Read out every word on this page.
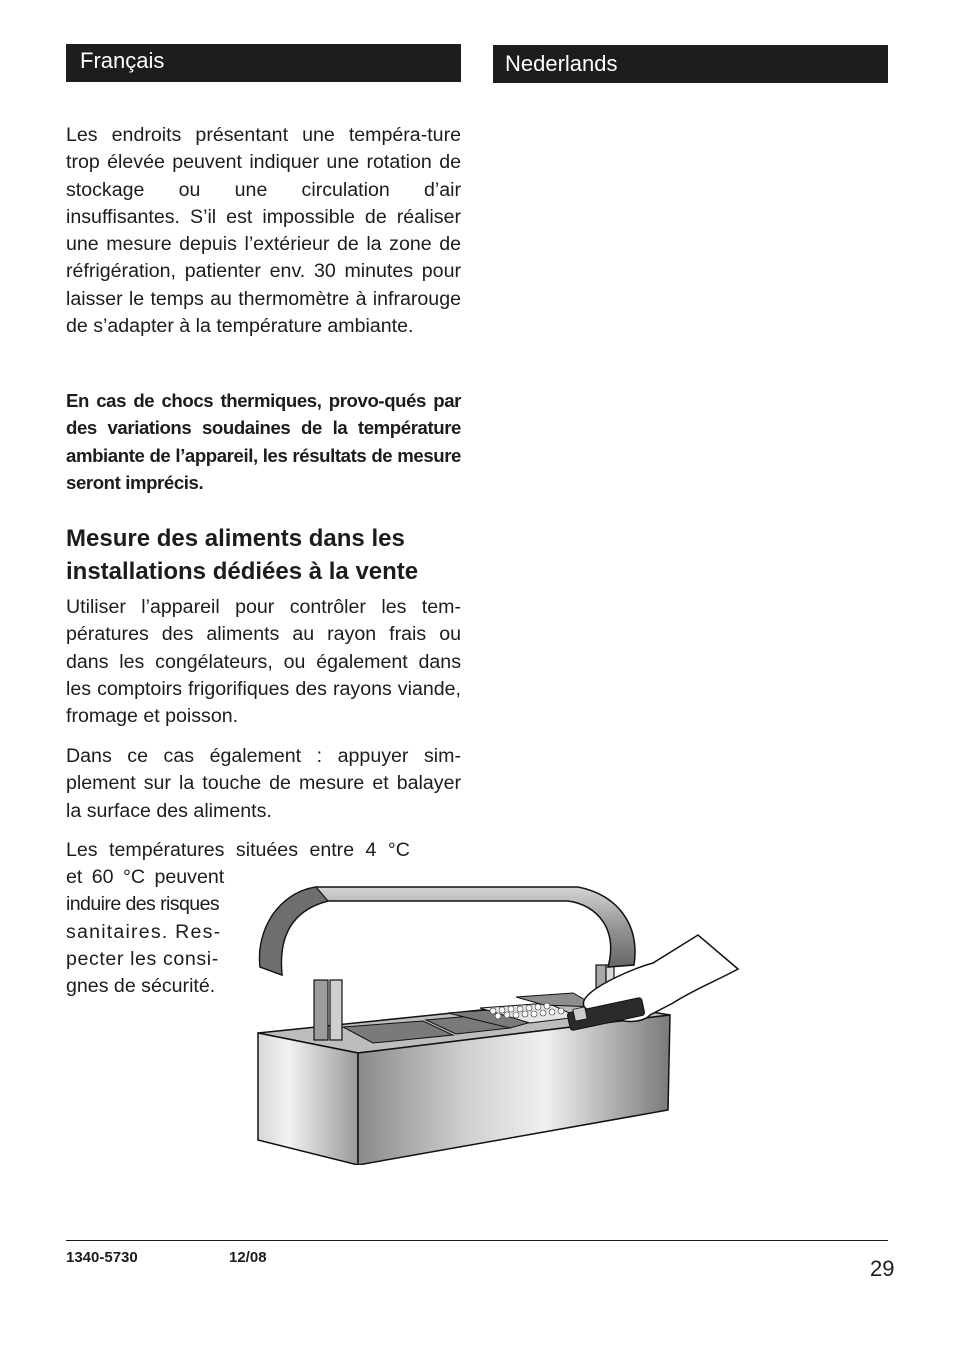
Français	Nederlands

Les endroits présentant une tempéra-ture trop élevée peuvent indiquer une rotation de stockage ou une circulation d’air insuffisantes. S’il est impossible de réaliser une mesure depuis l’extérieur de la zone de réfrigération, patienter env. 30 minutes pour laisser le temps au thermomètre à infrarouge de s’adapter à la température ambiante.

En cas de chocs thermiques, provo-qués par des variations soudaines de la température ambiante de l’appareil, les résultats de mesure seront imprécis.

Mesure des aliments dans les installations dédiées à la vente

Utiliser l’appareil pour contrôler les tem-pératures des aliments au rayon frais ou dans les congélateurs, ou également dans les comptoirs frigorifiques des rayons viande, fromage et poisson.

Dans ce cas également : appuyer sim-plement sur la touche de mesure et balayer la surface des aliments.

Les températures situées entre 4 °C

et 60 °C peuvent
induire des risques
sanitaires. Res-
pecter les consi-
gnes de sécurité.
1340-5730	12/08	29
